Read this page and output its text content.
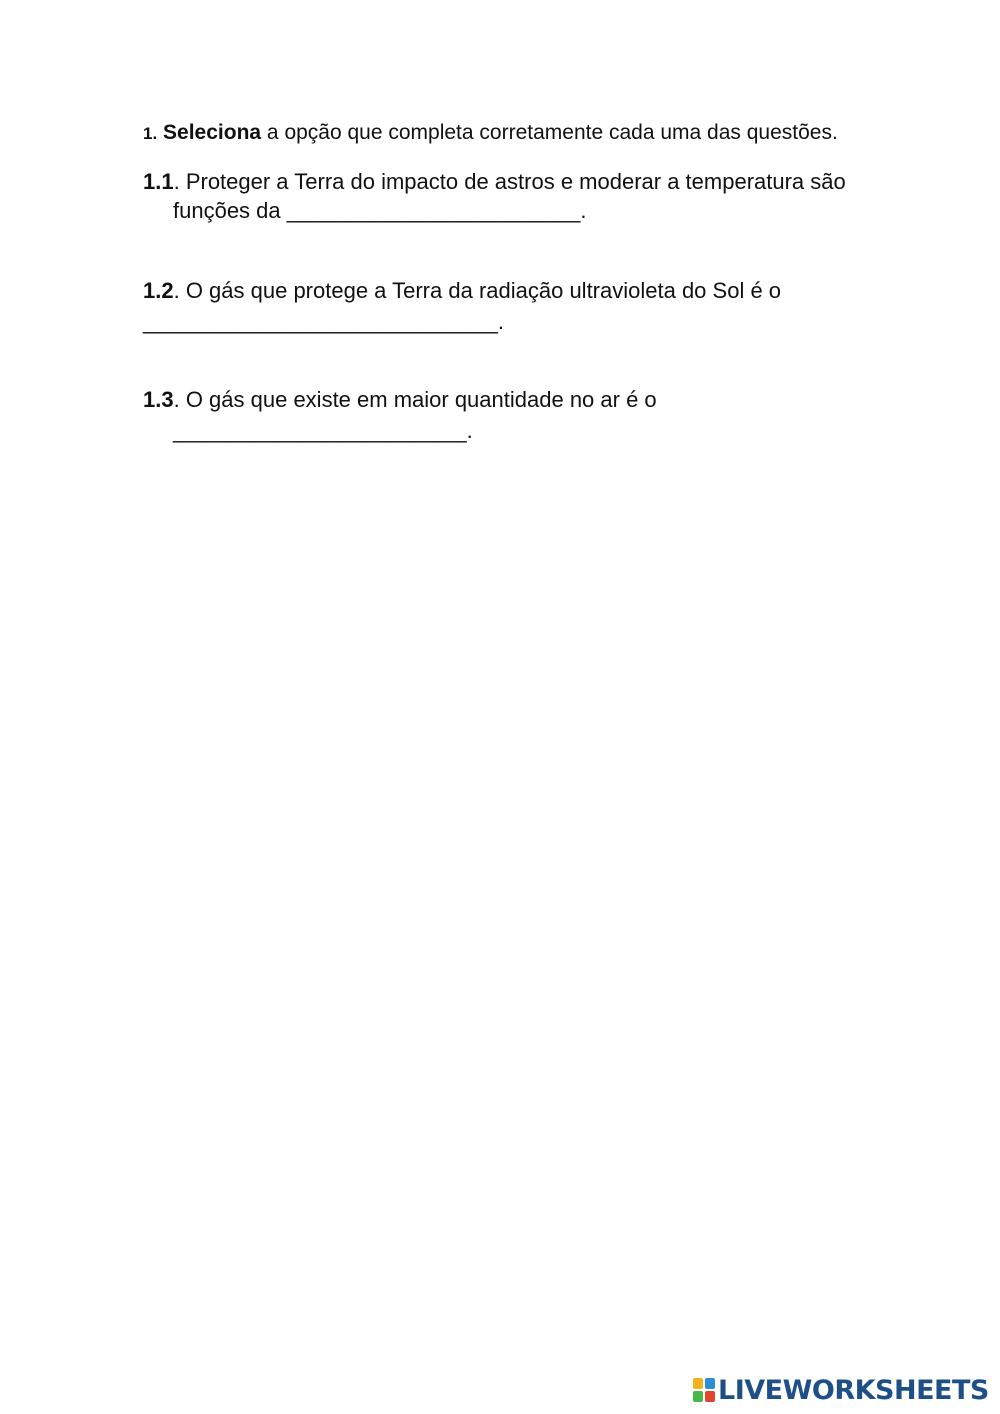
1. Seleciona a opção que completa corretamente cada uma das questões.
1.1. Proteger a Terra do impacto de astros e moderar a temperatura são
funções da ________________________.
1.2. O gás que protege a Terra da radiação ultravioleta do Sol é o
_____________________________.
1.3. O gás que existe em maior quantidade no ar é o
________________________.
LIVEWORKSHEETS
